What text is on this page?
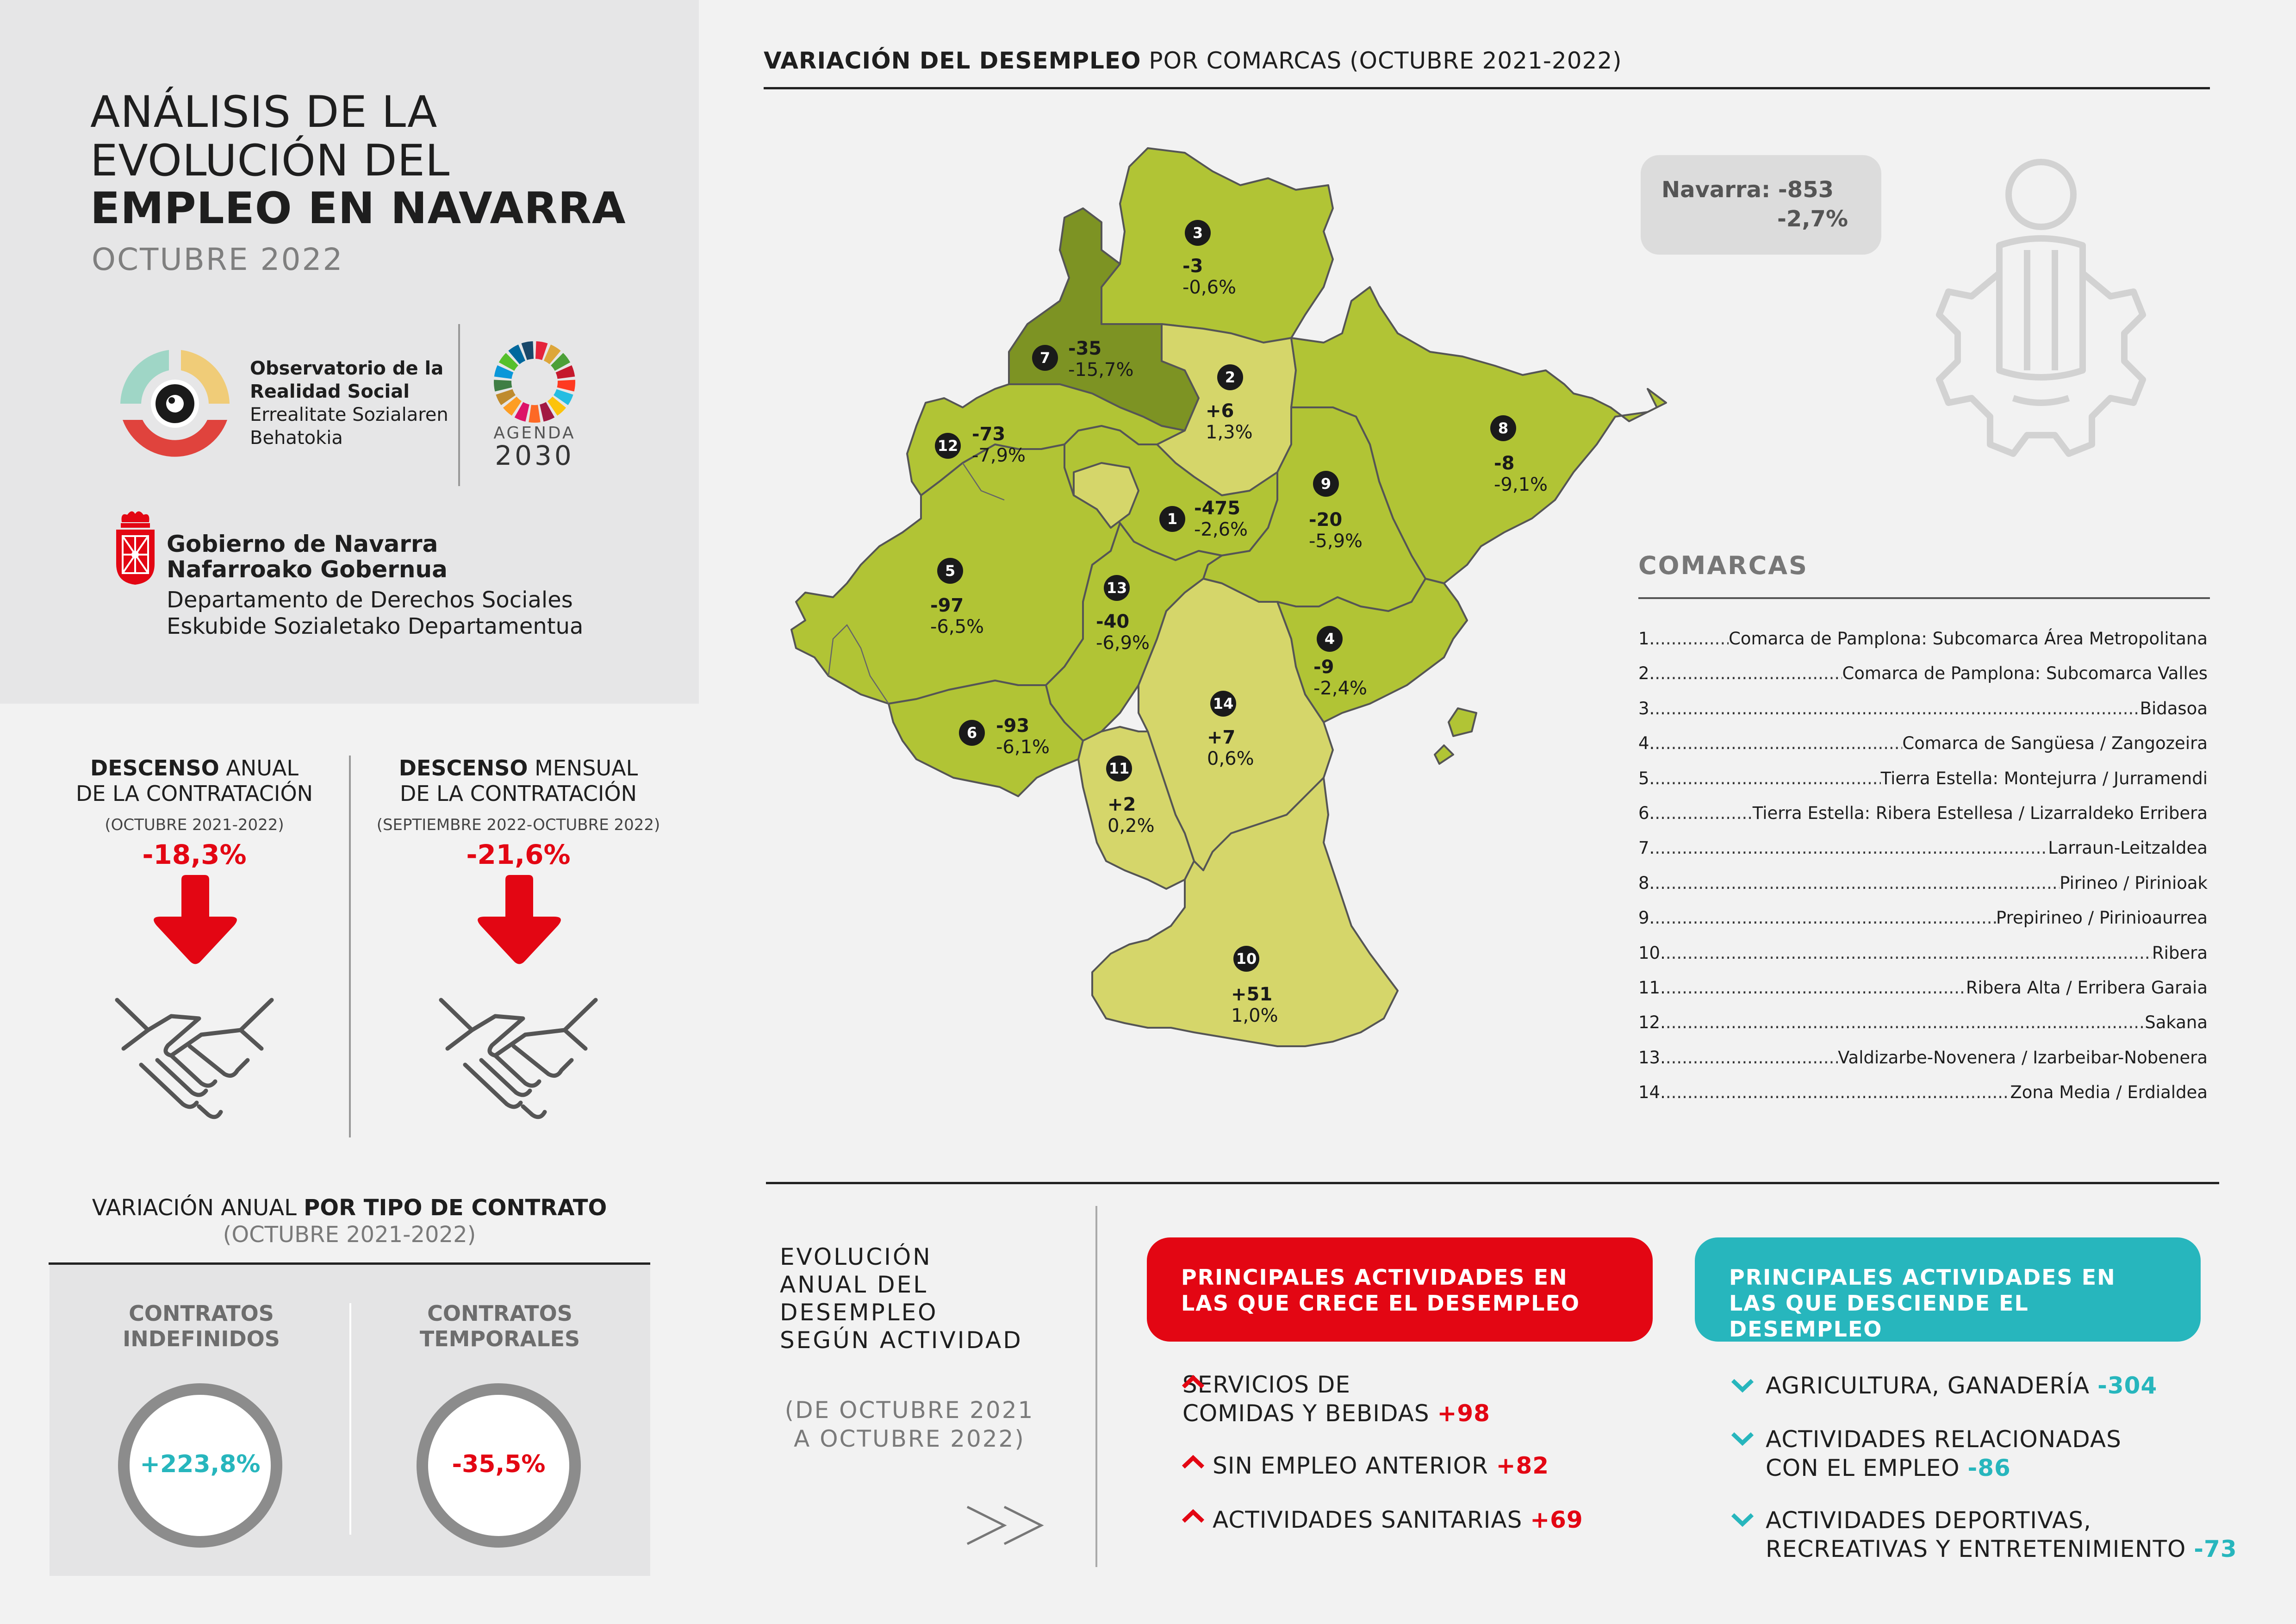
ANÁLISIS DE LA
EVOLUCIÓN DEL
EMPLEO EN NAVARRA
OCTUBRE 2022
Observatorio de la
Realidad Social
Errealitate Sozialaren
Behatokia	AGENDA
2030
Gobierno de Navarra
Nafarroako Gobernua
Departamento de Derechos Sociales
Eskubide Sozialetako Departamentua
DESCENSO ANUAL
DE LA CONTRATACIÓN
(OCTUBRE 2021-2022)
-18,3%
DESCENSO MENSUAL
DE LA CONTRATACIÓN
(SEPTIEMBRE 2022-OCTUBRE 2022)
-21,6%
VARIACIÓN ANUAL POR TIPO DE CONTRATO
(OCTUBRE 2021-2022)
CONTRATOS
INDEFINIDOS
+223,8%
CONTRATOS
TEMPORALES
-35,5%
VARIACIÓN DEL DESEMPLEO POR COMARCAS (OCTUBRE 2021-2022)
1 -475
-2,6%
2
+6
1,3%
3
-3
-0,6%
4
-9
-2,4%
5
-97
-6,5%
6	-93
-6,1%
7 -35
-15,7%
8
-8
-9,1%
9
-20
-5,9%
10
+51
1,0%
11
+2
0,2%
12
-73
-7,9%
13
-40
-6,9%
14
+7
0,6%
Navarra: -853
-2,7%
COMARCAS
1. .....	Comarca de Pamplona: Subcomarca Área Metropolitana
2. .....	Comarca de Pamplona: Subcomarca Valles
3. .....	Bidasoa
4. .....	Comarca de Sangüesa / Zangozeira
5. .....	Tierra Estella: Montejurra / Jurramendi
6. .....	Tierra Estella: Ribera Estellesa / Lizarraldeko Erribera
7. .....	Larraun-Leitzaldea
8. .....	Pirineo / Pirinioak
9. .....	Prepirineo / Pirinioaurrea
10. .....	Ribera
11. .....	Ribera Alta / Erribera Garaia
12. .....	Sakana
13. .....	Valdizarbe-Novenera / Izarbeibar-Nobenera
14. .....	Zona Media / Erdialdea
EVOLUCIÓN
ANUAL DEL
DESEMPLEO
SEGÚN ACTIVIDAD
(DE OCTUBRE 2021
A OCTUBRE 2022)
PRINCIPALES ACTIVIDADES EN
LAS QUE CRECE EL DESEMPLEO
PRINCIPALES ACTIVIDADES EN
LAS QUE DESCIENDE EL DESEMPLEO
SERVICIOS DE
COMIDAS Y BEBIDAS +98
SIN EMPLEO ANTERIOR +82
ACTIVIDADES SANITARIAS +69
AGRICULTURA, GANADERÍA -304
ACTIVIDADES RELACIONADAS
CON EL EMPLEO -86
ACTIVIDADES DEPORTIVAS,
RECREATIVAS Y ENTRETENIMIENTO -73
